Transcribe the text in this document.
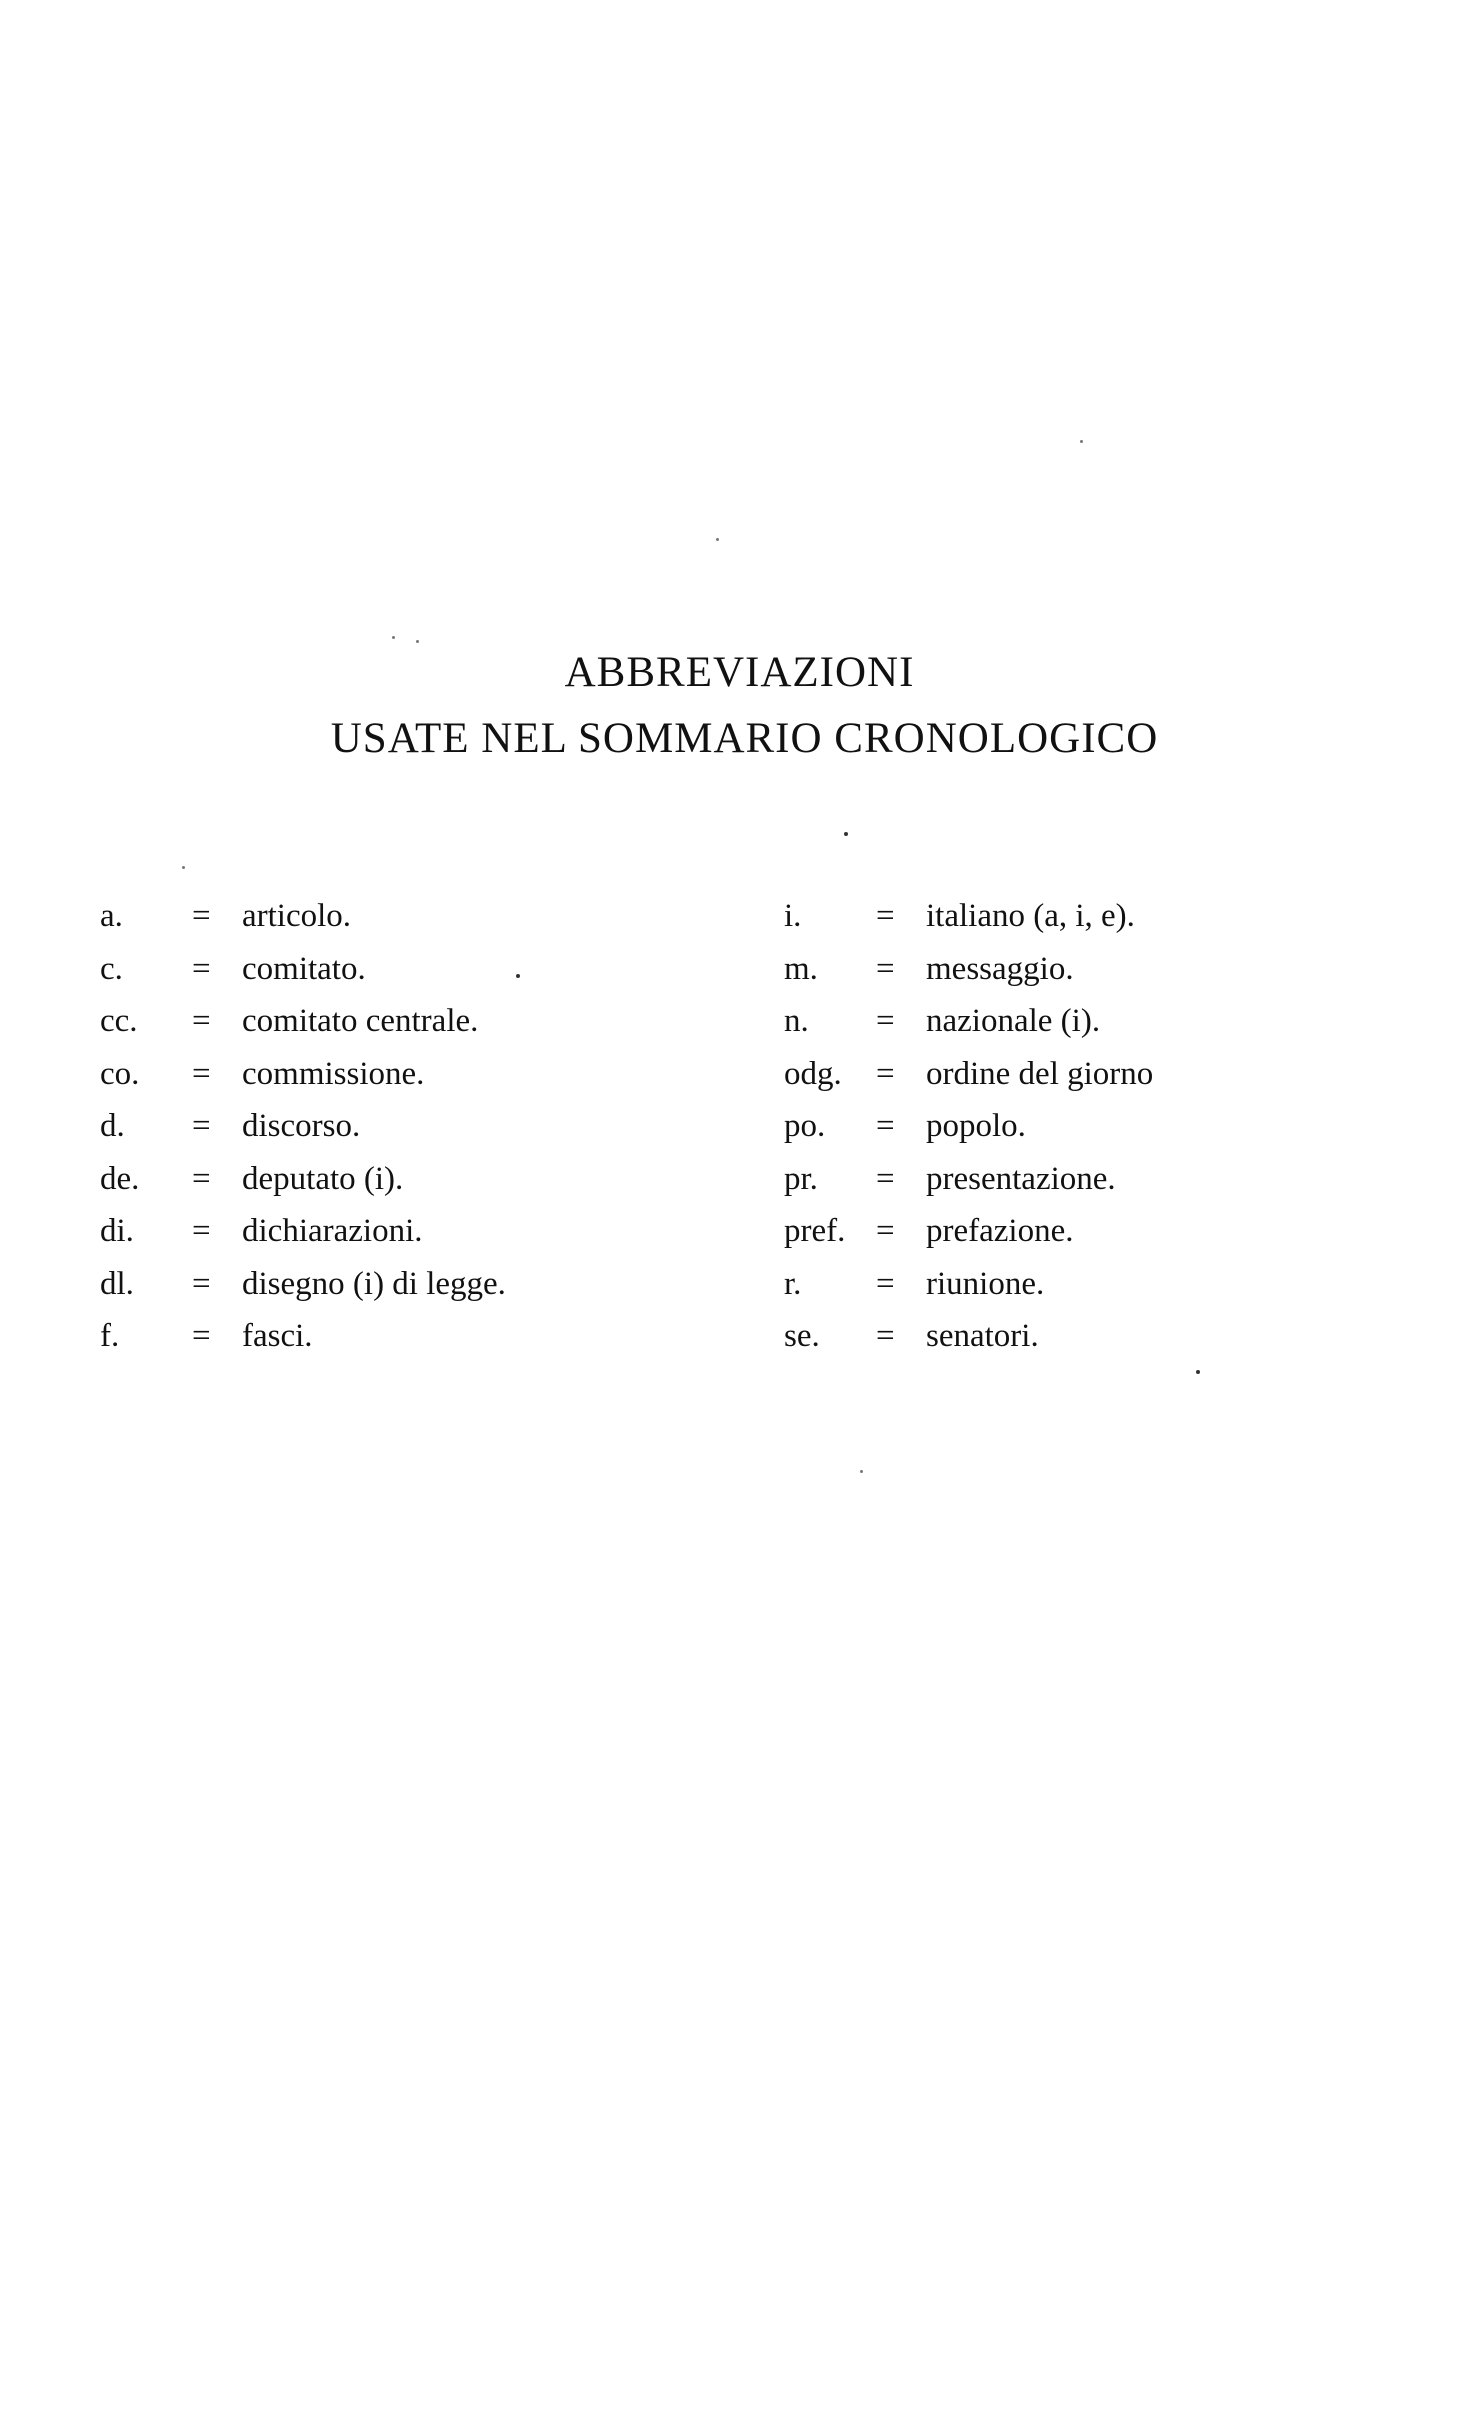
ABBREVIAZIONI
USATE NEL SOMMARIO CRONOLOGICO
a.	= articolo.
c.	= comitato.
cc.	= comitato centrale.
co.	= commissione.
d.	= discorso.
de.	= deputato (i).
di.	= dichiarazioni.
dl.	= disegno (i) di legge.
f.	= fasci.
i.	= italiano (a, i, e).
m.	= messaggio.
n.	= nazionale (i).
odg.	= ordine del giorno
po.	= popolo.
pr.	= presentazione.
pref. = prefazione.
r.	= riunione.
se.	= senatori.
